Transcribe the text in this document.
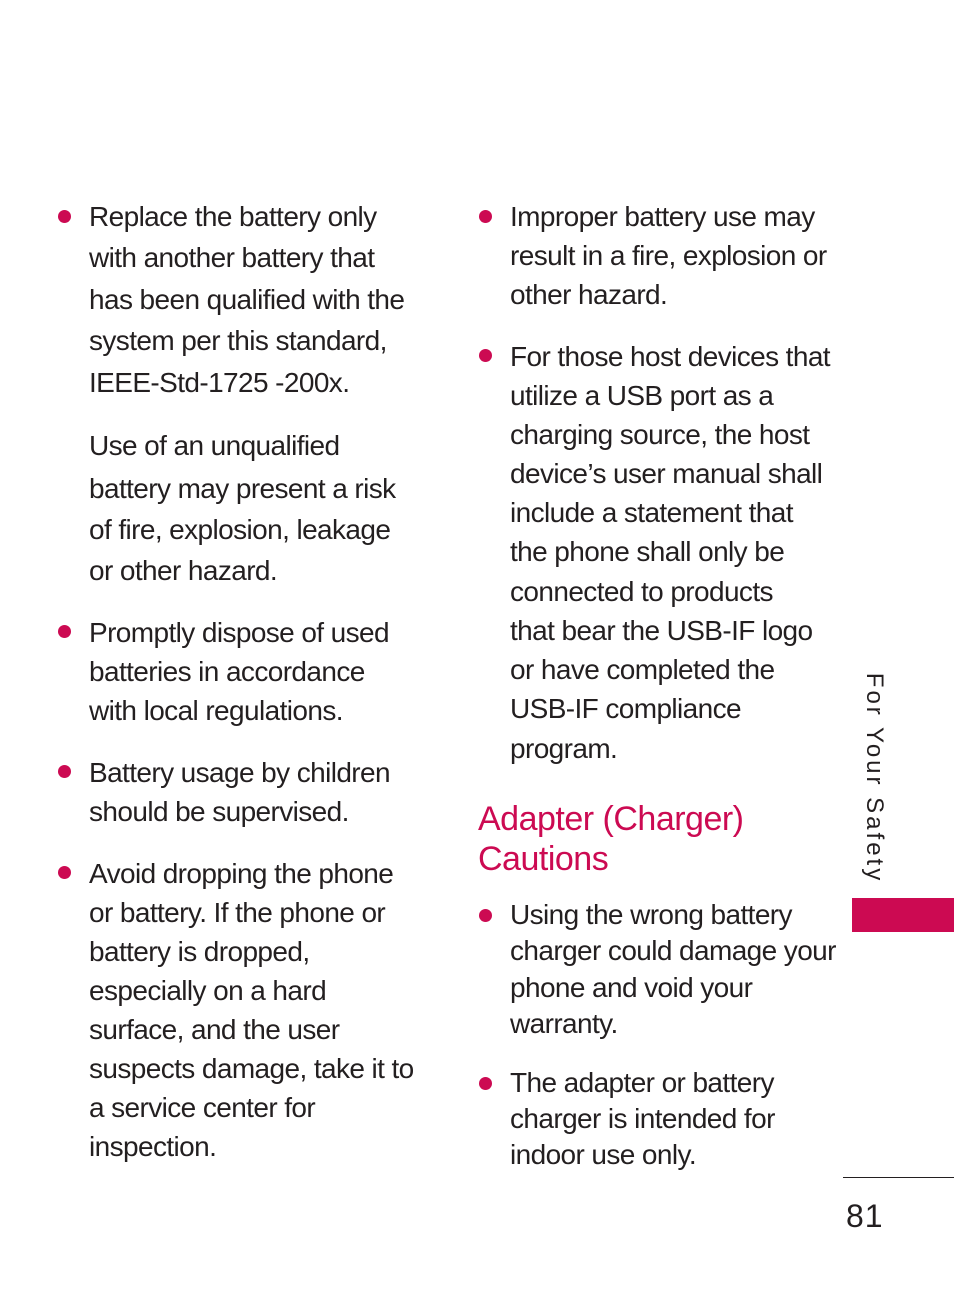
Replace the battery only
with another battery that
has been qualified with the
system per this standard,
IEEE-Std-1725 -200x.
Use of an unqualified
battery may present a risk
of fire, explosion, leakage
or other hazard.
Promptly dispose of used
batteries in accordance
with local regulations.
Battery usage by children
should be supervised.
Avoid dropping the phone
or battery. If the phone or
battery is dropped,
especially on a hard
surface, and the user
suspects damage, take it to
a service center for
inspection.
Improper battery use may
result in a fire, explosion or
other hazard.
For those host devices that
utilize a USB port as a
charging source, the host
device’s user manual shall
include a statement that
the phone shall only be
connected to products
that bear the USB-IF logo
or have completed the
USB-IF compliance
program.
Adapter (Charger)
Cautions
Using the wrong battery
charger could damage your
phone and void your
warranty.
The adapter or battery
charger is intended for
indoor use only.
For Your Safety
81
